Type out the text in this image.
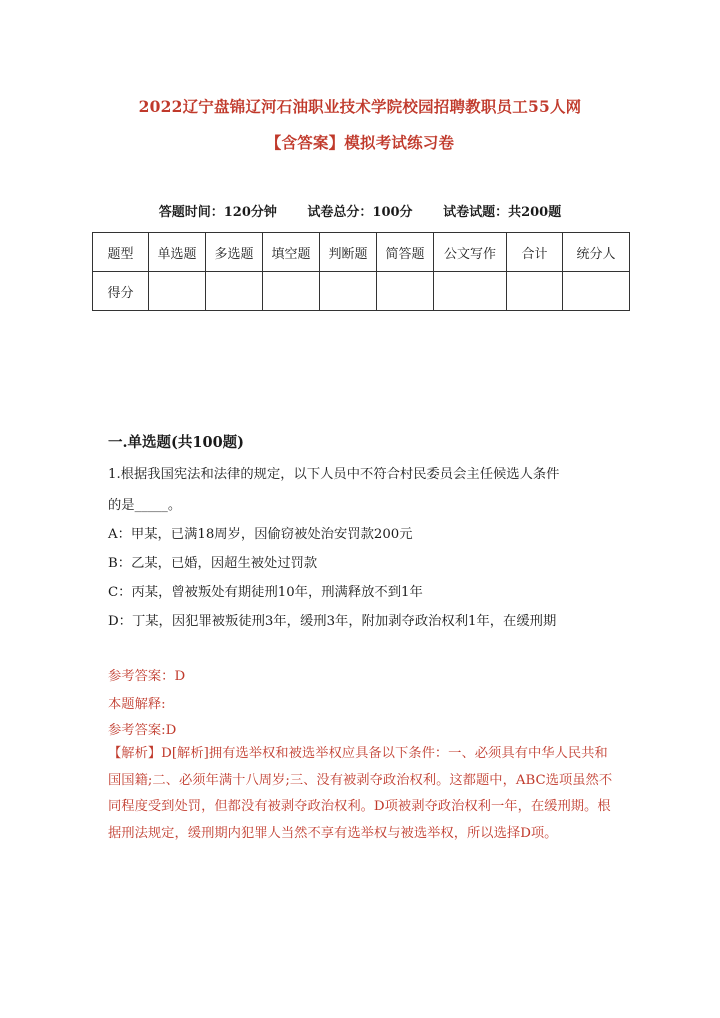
2022辽宁盘锦辽河石油职业技术学院校园招聘教职员工55人网
【含答案】模拟考试练习卷
答题时间：120分钟 试卷总分：100分 试卷试题：共200题
题型	单选题	多选题	填空题	判断题	简答题	公文写作	合计	统分人
得分								
一.单选题(共100题)
1.根据我国宪法和法律的规定，以下人员中不符合村民委员会主任候选人条件
的是_____。
A：甲某，已满18周岁，因偷窃被处治安罚款200元
B：乙某，已婚，因超生被处过罚款
C：丙某，曾被叛处有期徒刑10年，刑满释放不到1年
D：丁某，因犯罪被叛徒刑3年，缓刑3年，附加剥夺政治权利1年，在缓刑期
参考答案：D
本题解释:
参考答案:D
【解析】D[解析]拥有选举权和被选举权应具备以下条件：一、必须具有中华人民共和国国籍;二、必须年满十八周岁;三、没有被剥夺政治权利。这都题中，ABC选项虽然不同程度受到处罚，但都没有被剥夺政治权利。D项被剥夺政治权利一年，在缓刑期。根据刑法规定，缓刑期内犯罪人当然不享有选举权与被选举权，所以选择D项。
